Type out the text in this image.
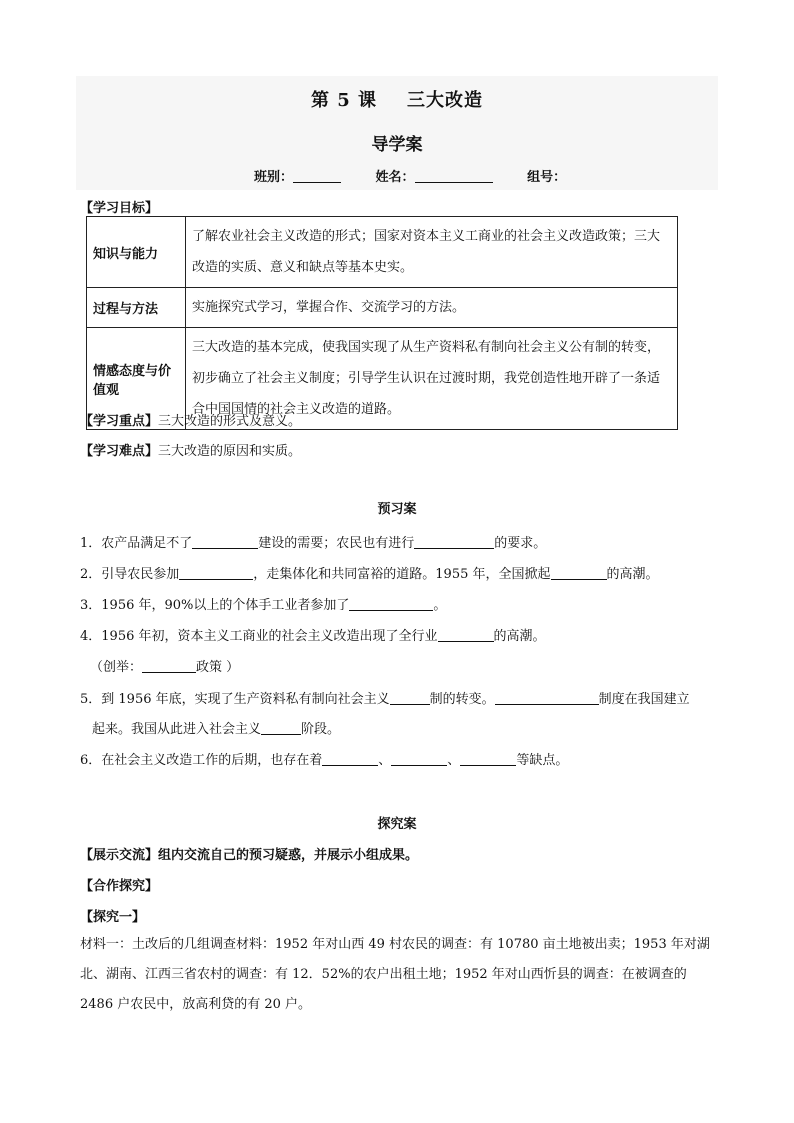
第 5 课 三大改造
导学案
班别：	姓名：	组号：
【学习目标】
知识与能力	了解农业社会主义改造的形式；国家对资本主义工商业的社会主义改造政策；三大改造的实质、意义和缺点等基本史实。
过程与方法	实施探究式学习，掌握合作、交流学习的方法。
情感态度与价值观	三大改造的基本完成，使我国实现了从生产资料私有制向社会主义公有制的转变，初步确立了社会主义制度；引导学生认识在过渡时期，我党创造性地开辟了一条适合中国国情的社会主义改造的道路。
【学习重点】三大改造的形式及意义。
【学习难点】三大改造的原因和实质。
预习案
1．农产品满足不了	建设的需要；农民也有进行	的要求。
2．引导农民参加	，走集体化和共同富裕的道路。1955 年，全国掀起	的高潮。
3．1956 年，90%以上的个体手工业者参加了	。
4．1956 年初，资本主义工商业的社会主义改造出现了全行业	的高潮。
（创举：	政策 ）
5．到 1956 年底，实现了生产资料私有制向社会主义	制的转变。	制度在我国建立
起来。我国从此进入社会主义	阶段。
6．在社会主义改造工作的后期，也存在着	、	、	等缺点。
探究案
【展示交流】组内交流自己的预习疑惑，并展示小组成果。
【合作探究】
【探究一】
材料一：土改后的几组调查材料：1952 年对山西 49 村农民的调查：有 10780 亩土地被出卖；1953 年对湖北、湖南、江西三省农村的调查：有 12．52%的农户出租土地；1952 年对山西忻县的调查：在被调查的 2486 户农民中，放高利贷的有 20 户。
